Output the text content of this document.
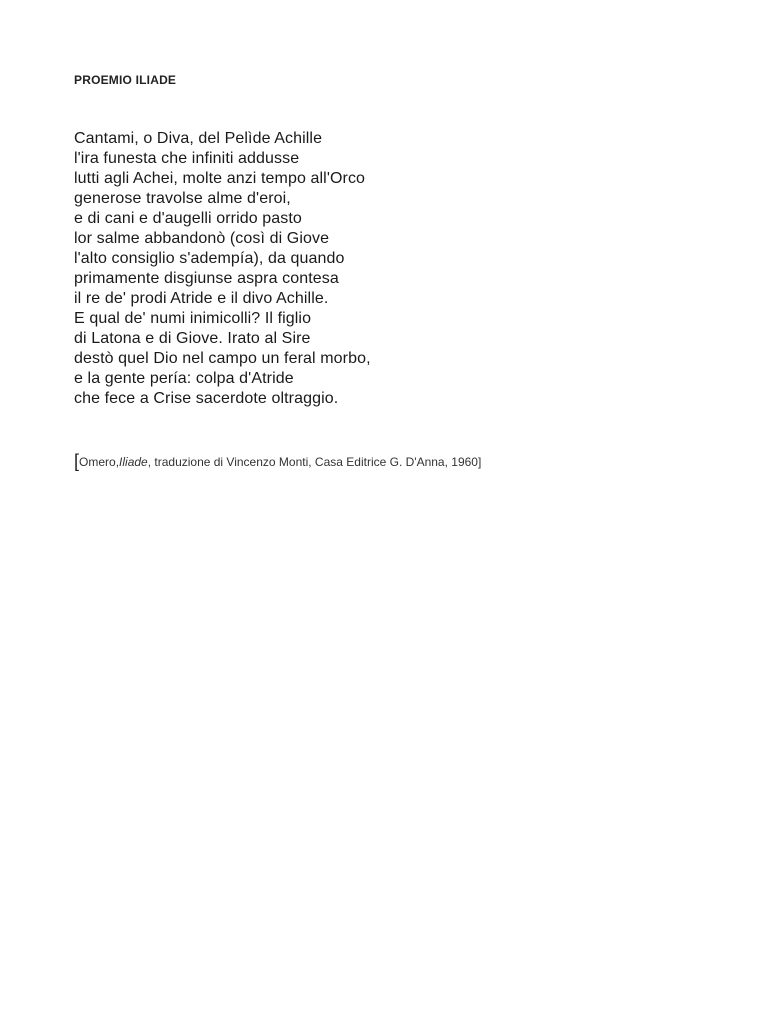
PROEMIO ILIADE
Cantami, o Diva, del Pelìde Achille
l'ira funesta che infiniti addusse
lutti agli Achei, molte anzi tempo all'Orco
generose travolse alme d'eroi,
e di cani e d'augelli orrido pasto
lor salme abbandonò (così di Giove
l'alto consiglio s'adempía), da quando
primamente disgiunse aspra contesa
il re de' prodi Atride e il divo Achille.
E qual de' numi inimicolli? Il figlio
di Latona e di Giove. Irato al Sire
destò quel Dio nel campo un feral morbo,
e la gente pería: colpa d'Atride
che fece a Crise sacerdote oltraggio.

[Omero,Iliade, traduzione di Vincenzo Monti, Casa Editrice G. D'Anna, 1960]
